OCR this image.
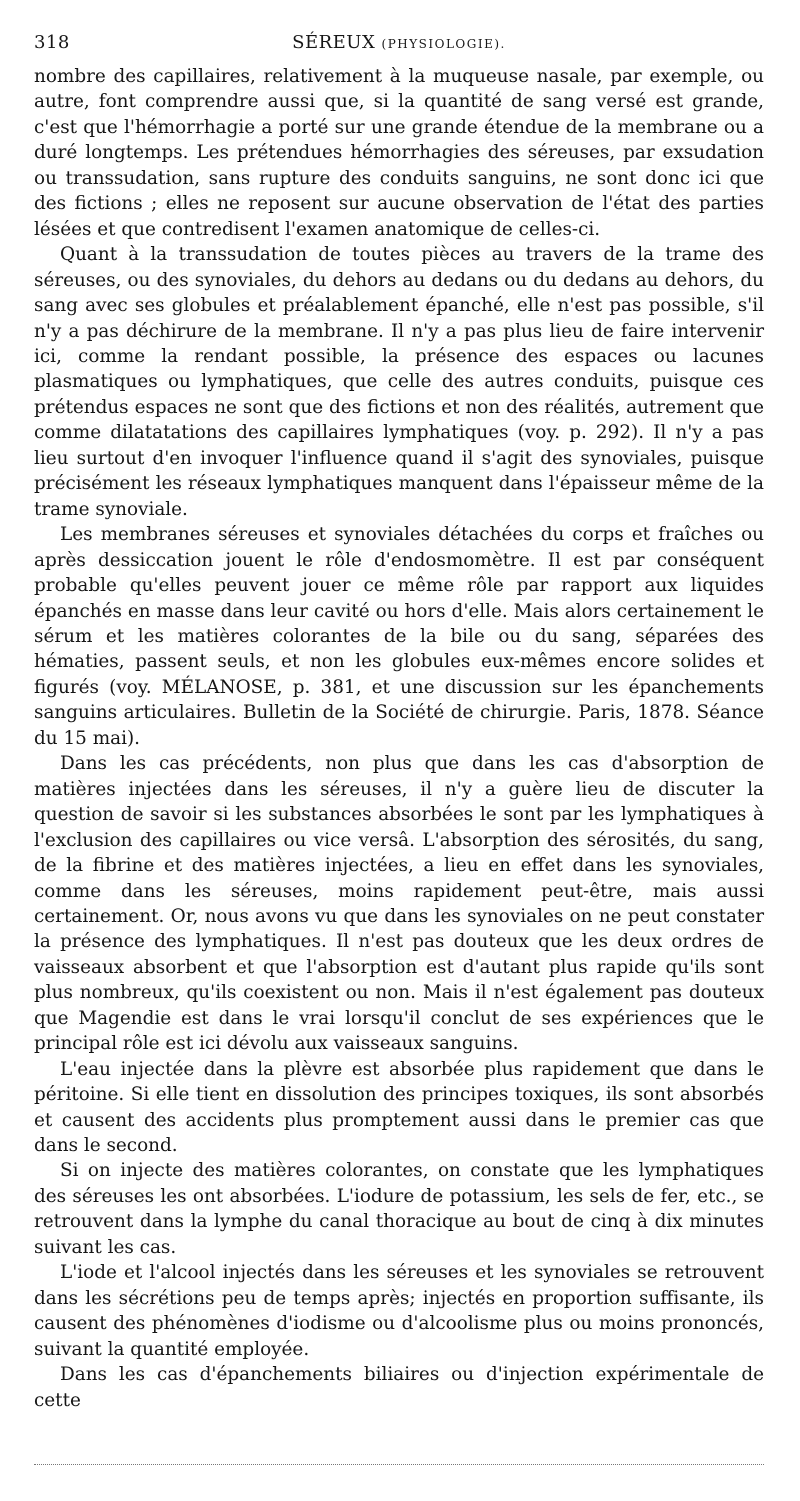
318	SÉREUX (PHYSIOLOGIE).

nombre des capillaires, relativement à la muqueuse nasale, par exemple, ou autre, font comprendre aussi que, si la quantité de sang versé est grande, c'est que l'hémorrhagie a porté sur une grande étendue de la membrane ou a duré longtemps. Les prétendues hémorrhagies des séreuses, par exsudation ou transsudation, sans rupture des conduits sanguins, ne sont donc ici que des fictions ; elles ne reposent sur aucune observation de l'état des parties lésées et que contredisent l'examen anatomique de celles-ci.

Quant à la transsudation de toutes pièces au travers de la trame des séreuses, ou des synoviales, du dehors au dedans ou du dedans au dehors, du sang avec ses globules et préalablement épanché, elle n'est pas possible, s'il n'y a pas déchirure de la membrane. Il n'y a pas plus lieu de faire intervenir ici, comme la rendant possible, la présence des espaces ou lacunes plasmatiques ou lymphatiques, que celle des autres conduits, puisque ces prétendus espaces ne sont que des fictions et non des réalités, autrement que comme dilatatations des capillaires lymphatiques (voy. p. 292). Il n'y a pas lieu surtout d'en invoquer l'influence quand il s'agit des synoviales, puisque précisément les réseaux lymphatiques manquent dans l'épaisseur même de la trame synoviale.

Les membranes séreuses et synoviales détachées du corps et fraîches ou après dessiccation jouent le rôle d'endosmomètre. Il est par conséquent probable qu'elles peuvent jouer ce même rôle par rapport aux liquides épanchés en masse dans leur cavité ou hors d'elle. Mais alors certainement le sérum et les matières colorantes de la bile ou du sang, séparées des hématies, passent seuls, et non les globules eux-mêmes encore solides et figurés (voy. MÉLANOSE, p. 381, et une discussion sur les épanchements sanguins articulaires. Bulletin de la Société de chirurgie. Paris, 1878. Séance du 15 mai).

Dans les cas précédents, non plus que dans les cas d'absorption de matières injectées dans les séreuses, il n'y a guère lieu de discuter la question de savoir si les substances absorbées le sont par les lymphatiques à l'exclusion des capillaires ou vice versâ. L'absorption des sérosités, du sang, de la fibrine et des matières injectées, a lieu en effet dans les synoviales, comme dans les séreuses, moins rapidement peut-être, mais aussi certainement. Or, nous avons vu que dans les synoviales on ne peut constater la présence des lymphatiques. Il n'est pas douteux que les deux ordres de vaisseaux absorbent et que l'absorption est d'autant plus rapide qu'ils sont plus nombreux, qu'ils coexistent ou non. Mais il n'est également pas douteux que Magendie est dans le vrai lorsqu'il conclut de ses expériences que le principal rôle est ici dévolu aux vaisseaux sanguins.

L'eau injectée dans la plèvre est absorbée plus rapidement que dans le péritoine. Si elle tient en dissolution des principes toxiques, ils sont absorbés et causent des accidents plus promptement aussi dans le premier cas que dans le second.

Si on injecte des matières colorantes, on constate que les lymphatiques des séreuses les ont absorbées. L'iodure de potassium, les sels de fer, etc., se retrouvent dans la lymphe du canal thoracique au bout de cinq à dix minutes suivant les cas.

L'iode et l'alcool injectés dans les séreuses et les synoviales se retrouvent dans les sécrétions peu de temps après; injectés en proportion suffisante, ils causent des phénomènes d'iodisme ou d'alcoolisme plus ou moins prononcés, suivant la quantité employée.

Dans les cas d'épanchements biliaires ou d'injection expérimentale de cette
